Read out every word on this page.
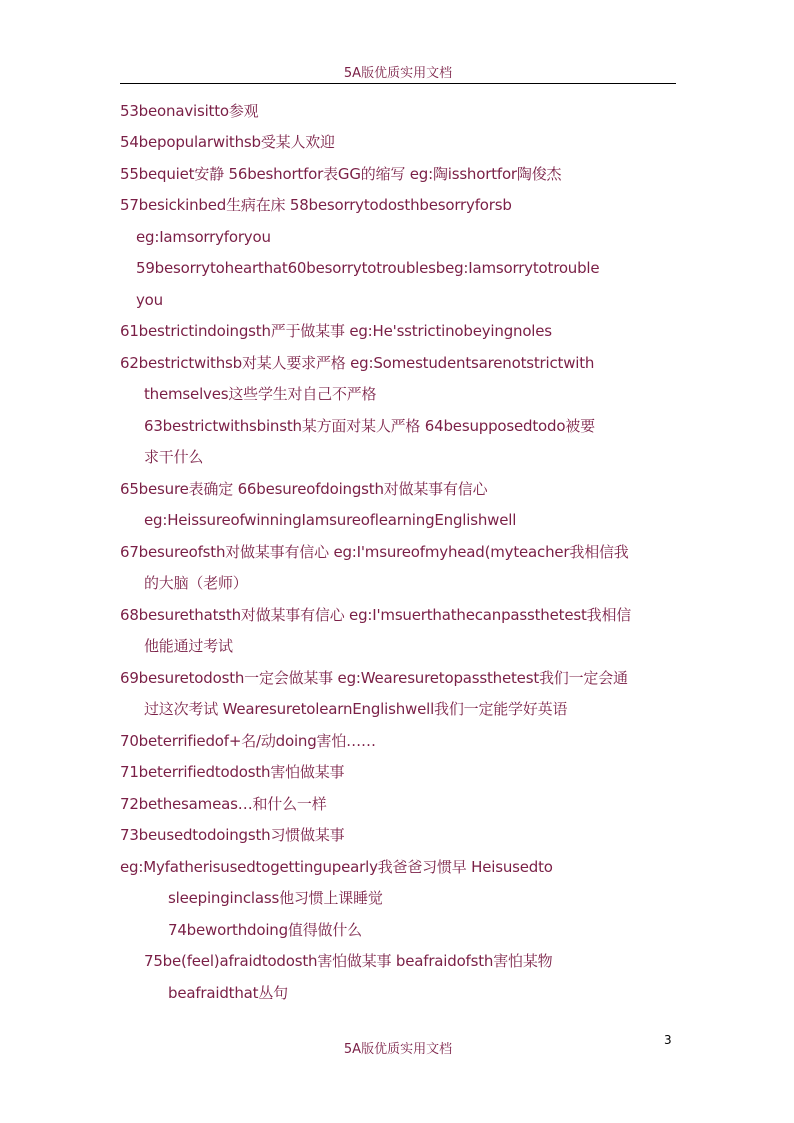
5A版优质实用文档
53beonavisitto参观
54bepopularwithsb受某人欢迎
55bequiet安静 56beshortfor表GG的缩写 eg:陶isshortfor陶俊杰
57besickinbed生病在床 58besorrytodosthbesorryforsb
eg:Iamsorryforyou
59besorrytohearthat60besorrytotroublesbeg:Iamsorrytotrouble
you
61bestrictindoingsth严于做某事 eg:He'sstrictinobeyingnoles
62bestrictwithsb对某人要求严格 eg:Somestudentsarenotstrictwith
themselves这些学生对自己不严格
63bestrictwithsbinsth某方面对某人严格 64besupposedtodo被要
求干什么
65besure表确定 66besureofdoingsth对做某事有信心
eg:HeissureofwinningIamsureoflearningEnglishwell
67besureofsth对做某事有信心 eg:I'msureofmyhead(myteacher我相信我
的大脑（老师）
68besurethatsth对做某事有信心 eg:I'msuerthathecanpassthetest我相信
他能通过考试
69besuretodosth一定会做某事 eg:Wearesuretopassthetest我们一定会通
过这次考试 WearesuretolearnEnglishwell我们一定能学好英语
70beterrifiedof+名/动doing害怕……
71beterrifiedtodosth害怕做某事
72bethesameas…和什么一样
73beusedtodoingsth习惯做某事
eg:Myfatherisusedtogettingupearly我爸爸习惯早 Heisusedto
sleepinginclass他习惯上课睡觉
74beworthdoing值得做什么
75be(feel)afraidtodosth害怕做某事 beafraidofsth害怕某物
beafraidthat丛句
3
5A版优质实用文档
